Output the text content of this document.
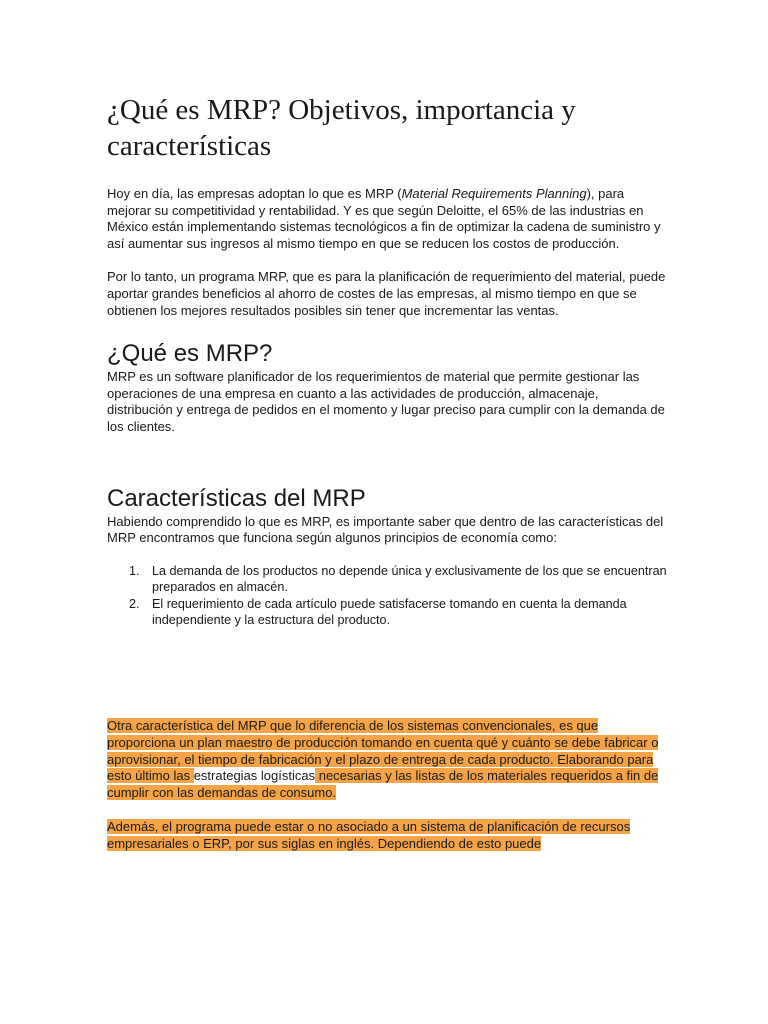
¿Qué es MRP? Objetivos, importancia y características

Hoy en día, las empresas adoptan lo que es MRP (Material Requirements Planning), para mejorar su competitividad y rentabilidad. Y es que según Deloitte, el 65% de las industrias en México están implementando sistemas tecnológicos a fin de optimizar la cadena de suministro y así aumentar sus ingresos al mismo tiempo en que se reducen los costos de producción.

Por lo tanto, un programa MRP, que es para la planificación de requerimiento del material, puede aportar grandes beneficios al ahorro de costes de las empresas, al mismo tiempo en que se obtienen los mejores resultados posibles sin tener que incrementar las ventas.

¿Qué es MRP?

MRP es un software planificador de los requerimientos de material que permite gestionar las operaciones de una empresa en cuanto a las actividades de producción, almacenaje, distribución y entrega de pedidos en el momento y lugar preciso para cumplir con la demanda de los clientes.

Características del MRP

Habiendo comprendido lo que es MRP, es importante saber que dentro de las características del MRP encontramos que funciona según algunos principios de economía como:

1. La demanda de los productos no depende única y exclusivamente de los que se encuentran preparados en almacén.
2. El requerimiento de cada artículo puede satisfacerse tomando en cuenta la demanda independiente y la estructura del producto.

Otra característica del MRP que lo diferencia de los sistemas convencionales, es que proporciona un plan maestro de producción tomando en cuenta qué y cuánto se debe fabricar o aprovisionar, el tiempo de fabricación y el plazo de entrega de cada producto. Elaborando para esto último las estrategias logísticas necesarias y las listas de los materiales requeridos a fin de cumplir con las demandas de consumo.

Además, el programa puede estar o no asociado a un sistema de planificación de recursos empresariales o ERP, por sus siglas en inglés. Dependiendo de esto puede
